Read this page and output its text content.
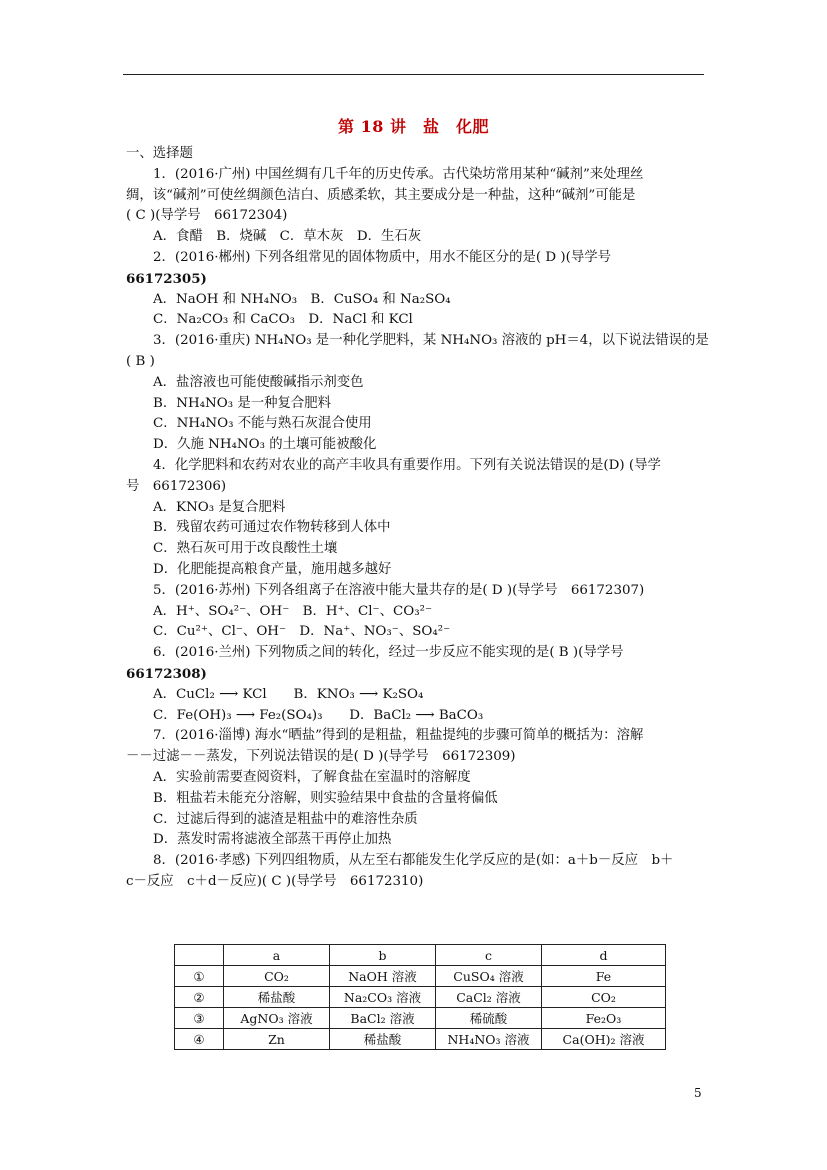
第 18 讲　盐　化肥
一、选择题
1．(2016·广州) 中国丝绸有几千年的历史传承。古代染坊常用某种“碱剂”来处理丝
绸，该“碱剂”可使丝绸颜色洁白、质感柔软，其主要成分是一种盐，这种“碱剂”可能是
( C )(导学号　66172304)
A．食醋　B．烧碱　C．草木灰　D．生石灰
2．(2016·郴州) 下列各组常见的固体物质中，用水不能区分的是( D )(导学号
66172305)
A．NaOH 和 NH₄NO₃　B．CuSO₄ 和 Na₂SO₄
C．Na₂CO₃ 和 CaCO₃　D．NaCl 和 KCl
3．(2016·重庆) NH₄NO₃ 是一种化学肥料，某 NH₄NO₃ 溶液的 pH＝4，以下说法错误的是
( B )
A．盐溶液也可能使酸碱指示剂变色
B．NH₄NO₃ 是一种复合肥料
C．NH₄NO₃ 不能与熟石灰混合使用
D．久施 NH₄NO₃ 的土壤可能被酸化
4．化学肥料和农药对农业的高产丰收具有重要作用。下列有关说法错误的是(D) (导学
号　66172306)
A．KNO₃ 是复合肥料
B．残留农药可通过农作物转移到人体中
C．熟石灰可用于改良酸性土壤
D．化肥能提高粮食产量，施用越多越好
5．(2016·苏州) 下列各组离子在溶液中能大量共存的是( D )(导学号　66172307)
A．H⁺、SO₄²⁻、OH⁻　B．H⁺、Cl⁻、CO₃²⁻
C．Cu²⁺、Cl⁻、OH⁻　D．Na⁺、NO₃⁻、SO₄²⁻
6．(2016·兰州) 下列物质之间的转化，经过一步反应不能实现的是( B )(导学号
66172308)
A．CuCl₂ ⟶ KCl　　B．KNO₃ ⟶ K₂SO₄
C．Fe(OH)₃ ⟶ Fe₂(SO₄)₃　　D．BaCl₂ ⟶ BaCO₃
7．(2016·淄博) 海水“晒盐”得到的是粗盐，粗盐提纯的步骤可简单的概括为：溶解
－－过滤－－蒸发，下列说法错误的是( D )(导学号　66172309)
A．实验前需要查阅资料，了解食盐在室温时的溶解度
B．粗盐若未能充分溶解，则实验结果中食盐的含量将偏低
C．过滤后得到的滤渣是粗盐中的难溶性杂质
D．蒸发时需将滤液全部蒸干再停止加热
8．(2016·孝感) 下列四组物质，从左至右都能发生化学反应的是(如：a＋b－反应　b＋
c－反应　c＋d－反应)( C )(导学号　66172310)
	a	b	c	d
①	CO₂	NaOH 溶液	CuSO₄ 溶液	Fe
②	稀盐酸	Na₂CO₃ 溶液	CaCl₂ 溶液	CO₂
③	AgNO₃ 溶液	BaCl₂ 溶液	稀硫酸	Fe₂O₃
④	Zn	稀盐酸	NH₄NO₃ 溶液	Ca(OH)₂ 溶液
5
